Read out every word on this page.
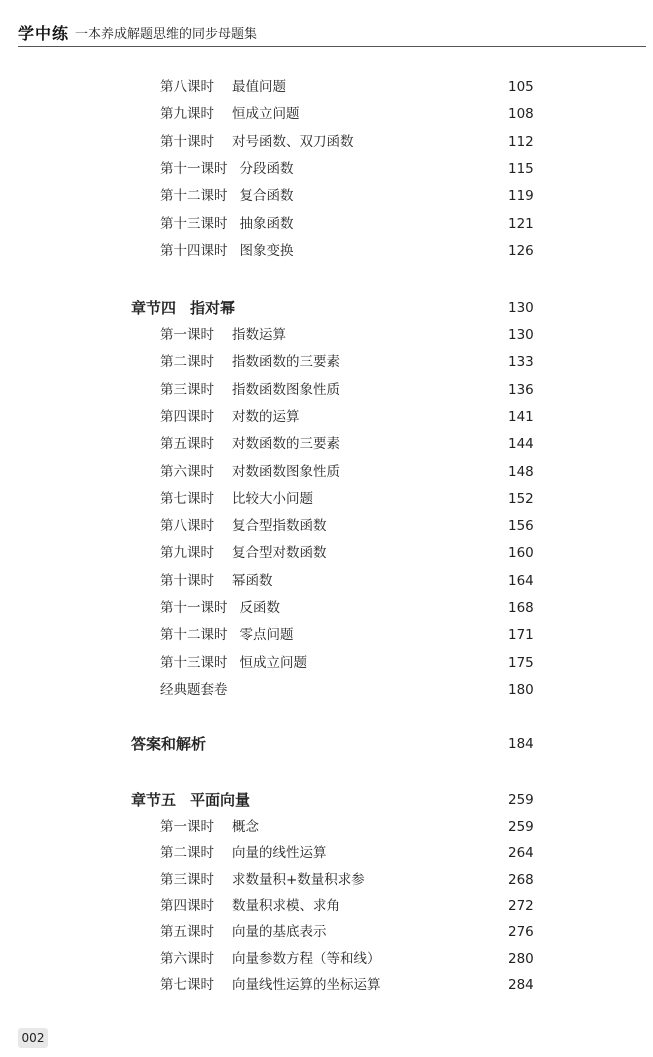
学中练 一本养成解题思维的同步母题集
第八课时 最值问题	105
第九课时 恒成立问题	108
第十课时 对号函数、双刀函数	112
第十一课时 分段函数	115
第十二课时 复合函数	119
第十三课时 抽象函数	121
第十四课时 图象变换	126
章节四 指对幂	130
第一课时 指数运算	130
第二课时 指数函数的三要素	133
第三课时 指数函数图象性质	136
第四课时 对数的运算	141
第五课时 对数函数的三要素	144
第六课时 对数函数图象性质	148
第七课时 比较大小问题	152
第八课时 复合型指数函数	156
第九课时 复合型对数函数	160
第十课时 幂函数	164
第十一课时 反函数	168
第十二课时 零点问题	171
第十三课时 恒成立问题	175
经典题套卷	180
答案和解析	184
章节五 平面向量	259
第一课时 概念	259
第二课时 向量的线性运算	264
第三课时 求数量积+数量积求参	268
第四课时 数量积求模、求角	272
第五课时 向量的基底表示	276
第六课时 向量参数方程（等和线）	280
第七课时 向量线性运算的坐标运算	284
002
